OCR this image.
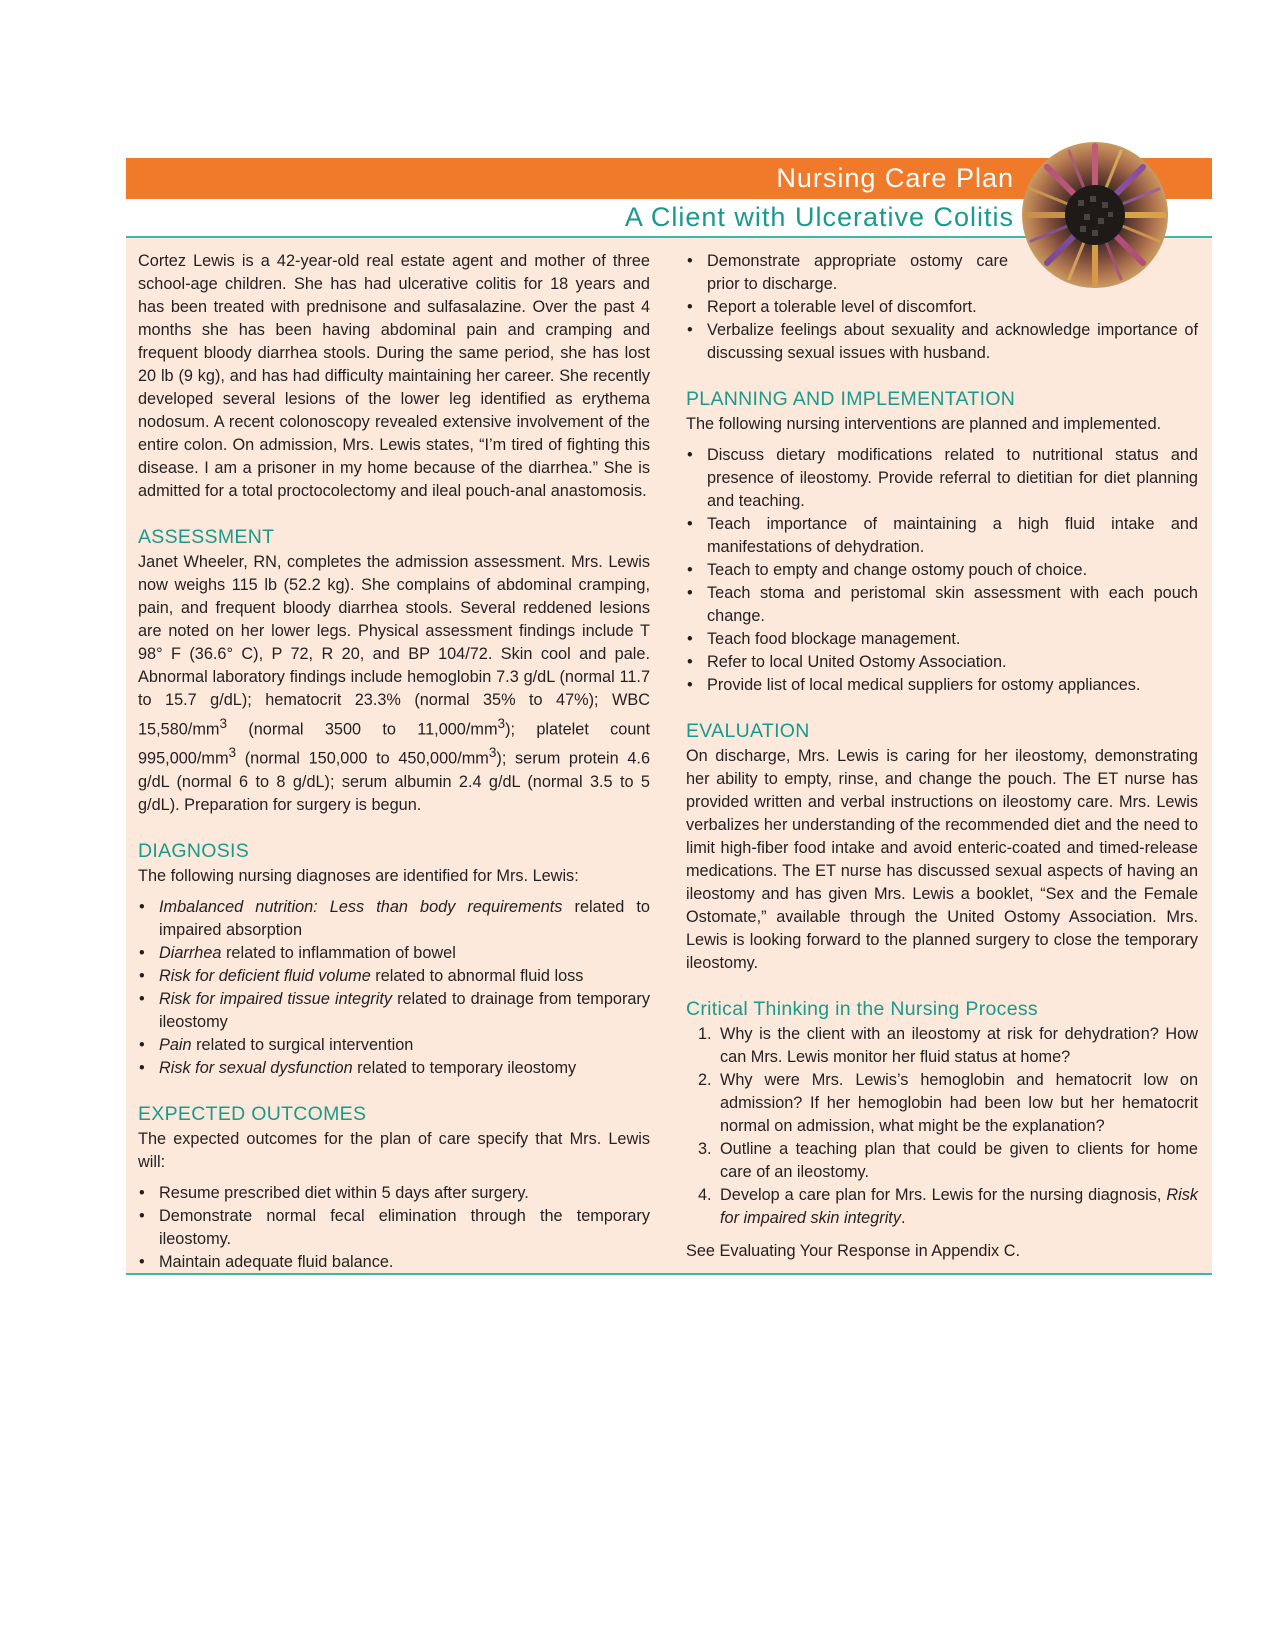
Nursing Care Plan
A Client with Ulcerative Colitis

Cortez Lewis is a 42-year-old real estate agent and mother of three school-age children. She has had ulcerative colitis for 18 years and has been treated with prednisone and sulfasalazine. Over the past 4 months she has been having abdominal pain and cramping and frequent bloody diarrhea stools. During the same period, she has lost 20 lb (9 kg), and has had difficulty maintaining her career. She recently developed several lesions of the lower leg identified as erythema nodosum. A recent colonoscopy revealed extensive involvement of the entire colon. On admission, Mrs. Lewis states, “I’m tired of fighting this disease. I am a prisoner in my home because of the diarrhea.” She is admitted for a total proctocolectomy and ileal pouch-anal anastomosis.

ASSESSMENT

Janet Wheeler, RN, completes the admission assessment. Mrs. Lewis now weighs 115 lb (52.2 kg). She complains of abdominal cramping, pain, and frequent bloody diarrhea stools. Several reddened lesions are noted on her lower legs. Physical assessment findings include T 98° F (36.6° C), P 72, R 20, and BP 104/72. Skin cool and pale. Abnormal laboratory findings include hemoglobin 7.3 g/dL (normal 11.7 to 15.7 g/dL); hematocrit 23.3% (normal 35% to 47%); WBC $15,580/mm^3$ (normal 3500 to $11,000/mm^3$); platelet count $995,000/mm^3$ (normal 150,000 to $450,000/mm^3$); serum protein 4.6 g/dL (normal 6 to 8 g/dL); serum albumin 2.4 g/dL (normal 3.5 to 5 g/dL). Preparation for surgery is begun.

DIAGNOSIS

The following nursing diagnoses are identified for Mrs. Lewis:

• Imbalanced nutrition: Less than body requirements related to impaired absorption
• Diarrhea related to inflammation of bowel
• Risk for deficient fluid volume related to abnormal fluid loss
• Risk for impaired tissue integrity related to drainage from temporary ileostomy
• Pain related to surgical intervention
• Risk for sexual dysfunction related to temporary ileostomy
EXPECTED OUTCOMES

The expected outcomes for the plan of care specify that Mrs. Lewis will:

• Resume prescribed diet within 5 days after surgery.
• Demonstrate normal fecal elimination through the temporary ileostomy.
• Maintain adequate fluid balance.
• Demonstrate appropriate ostomy care prior to discharge.
• Report a tolerable level of discomfort.
• Verbalize feelings about sexuality and acknowledge importance of discussing sexual issues with husband.
PLANNING AND IMPLEMENTATION

The following nursing interventions are planned and implemented.

• Discuss dietary modifications related to nutritional status and presence of ileostomy. Provide referral to dietitian for diet planning and teaching.
• Teach importance of maintaining a high fluid intake and manifestations of dehydration.
• Teach to empty and change ostomy pouch of choice.
• Teach stoma and peristomal skin assessment with each pouch change.
• Teach food blockage management.
• Refer to local United Ostomy Association.
• Provide list of local medical suppliers for ostomy appliances.
EVALUATION

On discharge, Mrs. Lewis is caring for her ileostomy, demonstrating her ability to empty, rinse, and change the pouch. The ET nurse has provided written and verbal instructions on ileostomy care. Mrs. Lewis verbalizes her understanding of the recommended diet and the need to limit high-fiber food intake and avoid enteric-coated and timed-release medications. The ET nurse has discussed sexual aspects of having an ileostomy and has given Mrs. Lewis a booklet, “Sex and the Female Ostomate,” available through the United Ostomy Association. Mrs. Lewis is looking forward to the planned surgery to close the temporary ileostomy.

Critical Thinking in the Nursing Process
1. Why is the client with an ileostomy at risk for dehydration? How can Mrs. Lewis monitor her fluid status at home?
2. Why were Mrs. Lewis’s hemoglobin and hematocrit low on admission? If her hemoglobin had been low but her hematocrit normal on admission, what might be the explanation?
3. Outline a teaching plan that could be given to clients for home care of an ileostomy.
4. Develop a care plan for Mrs. Lewis for the nursing diagnosis, Risk for impaired skin integrity.

See Evaluating Your Response in Appendix C.
